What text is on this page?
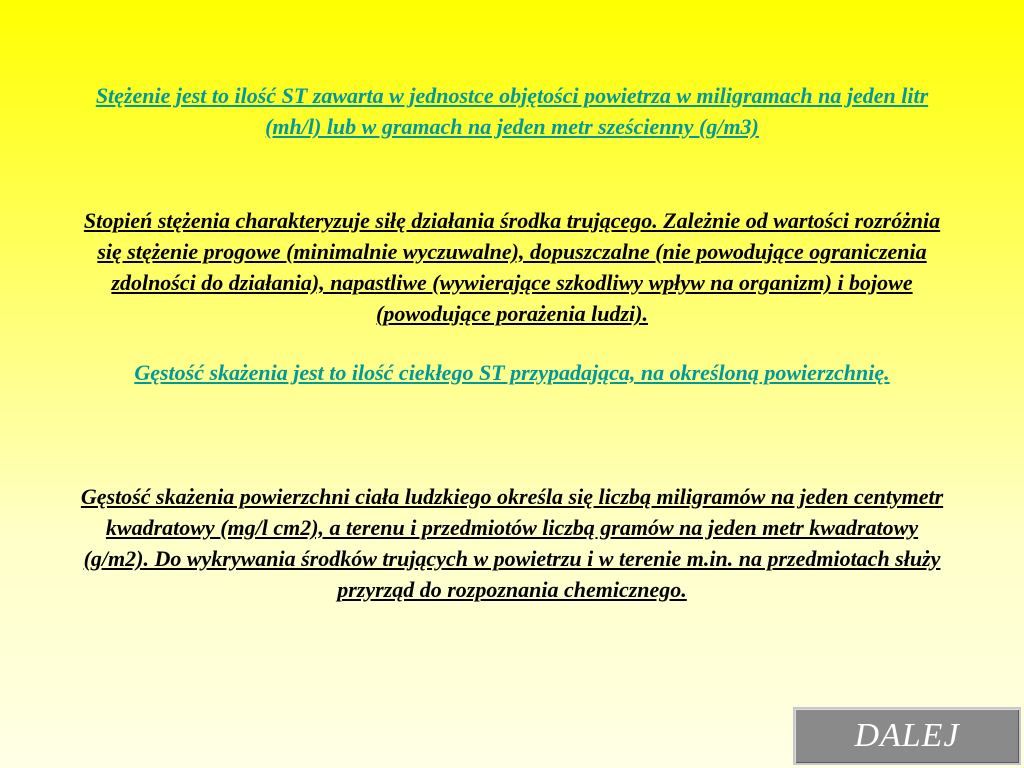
Stężenie jest to ilość ST zawarta w jednostce objętości powietrza w miligramach na jeden litr (mh/l) lub w gramach na jeden metr sześcienny (g/m3)

Stopień stężenia charakteryzuje siłę działania środka trującego. Zależnie od wartości rozróżnia się stężenie progowe (minimalnie wyczuwalne), dopuszczalne (nie powodujące ograniczenia zdolności do działania), napastliwe (wywierające szkodliwy wpływ na organizm) i bojowe (powodujące porażenia ludzi).

Gęstość skażenia jest to ilość ciekłego ST przypadająca, na określoną powierzchnię.

Gęstość skażenia powierzchni ciała ludzkiego określa się liczbą miligramów na jeden centymetr kwadratowy (mg/l cm2), a terenu i przedmiotów liczbą gramów na jeden metr kwadratowy (g/m2). Do wykrywania środków trujących w powietrzu i w terenie m.in. na przedmiotach służy przyrząd do rozpoznania chemicznego.

DALEJ
